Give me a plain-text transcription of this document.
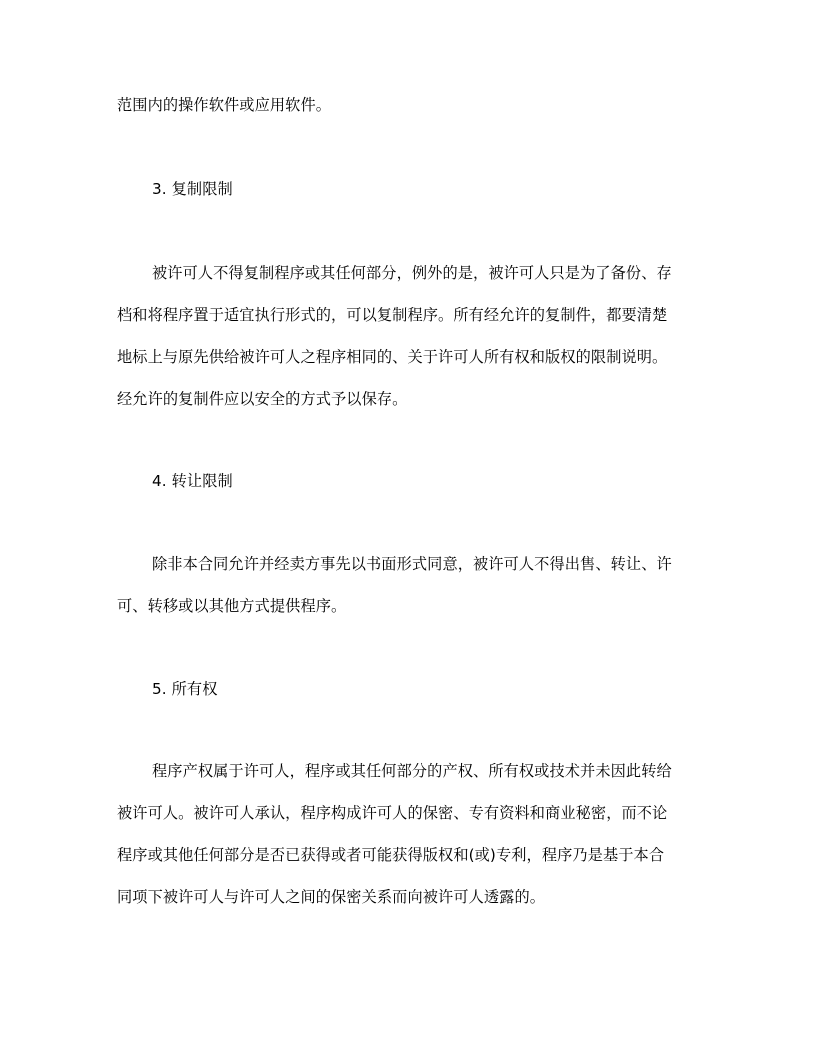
范围内的操作软件或应用软件。
3. 复制限制
被许可人不得复制程序或其任何部分，例外的是，被许可人只是为了备份、存
档和将程序置于适宜执行形式的，可以复制程序。所有经允许的复制件，都要清楚
地标上与原先供给被许可人之程序相同的、关于许可人所有权和版权的限制说明。
经允许的复制件应以安全的方式予以保存。
4. 转让限制
除非本合同允许并经卖方事先以书面形式同意，被许可人不得出售、转让、许
可、转移或以其他方式提供程序。
5. 所有权
程序产权属于许可人，程序或其任何部分的产权、所有权或技术并未因此转给
被许可人。被许可人承认，程序构成许可人的保密、专有资料和商业秘密，而不论
程序或其他任何部分是否已获得或者可能获得版权和(或)专利，程序乃是基于本合
同项下被许可人与许可人之间的保密关系而向被许可人透露的。
